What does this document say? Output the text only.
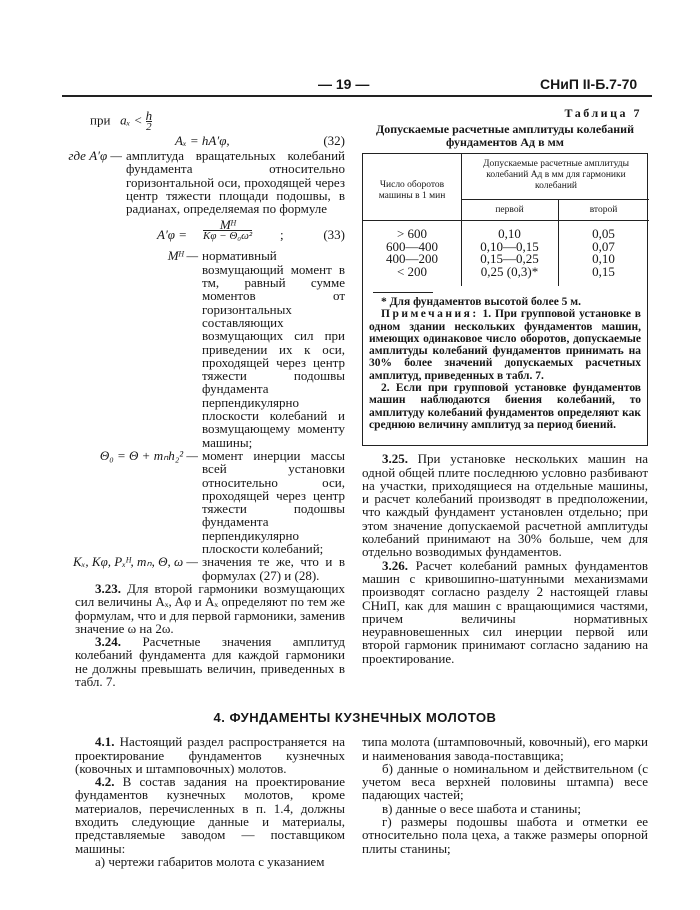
— 19 —	СНиП II-Б.7-70
при $a_x < \frac{h}{2}$
Aₓ = hA′φ,	(32)
где A′φ — амплитуда вращательных колебаний фундамента относительно горизонтальной оси, проходящей через центр тяжести площади подошвы, в радианах, определяемая по формуле
A′φ =
Mᴴ
Kφ − Θ₀ω² ;	(33)
Mᴴ — нормативный возмущающий момент в тм, равный сумме моментов от горизонтальных составляющих возмущающих сил при приведении их к оси, проходящей через центр тяжести подошвы фундамента перпендикулярно плоскости колебаний и возмущающему моменту машины;
Θ₀ = Θ + mₙh₂² — момент инерции массы всей установки относительно оси, проходящей через центр тяжести подошвы фундамента перпендикулярно плоскости колебаний;
Kₓ, Kφ, Pₓᴴ, mₙ, Θ, ω — значения те же, что и в формулах (27) и (28).
3.23. Для второй гармоники возмущающих сил величины Aₓ, Aφ и Aₓ определяют по тем же формулам, что и для первой гармоники, заменив значение ω на 2ω.
3.24. Расчетные значения амплитуд колебаний фундамента для каждой гармоники не должны превышать величин, приведенных в табл. 7.
Таблица 7
Допускаемые расчетные амплитуды колебаний фундаментов Aд в мм
Число оборотов машины в 1 мин
Допускаемые расчетные амплитуды колебаний Aд в мм для гармоники колебаний
первой	второй
> 600	0,10	0,05
600—400	0,10—0,15	0,07
400—200	0,15—0,25	0,10
< 200	0,25 (0,3)*	0,15
* Для фундаментов высотой более 5 м.
Примечания: 1. При групповой установке в одном здании нескольких фундаментов машин, имеющих одинаковое число оборотов, допускаемые амплитуды колебаний фундаментов принимать на 30% более значений допускаемых расчетных амплитуд, приведенных в табл. 7.
2. Если при групповой установке фундаментов машин наблюдаются биения колебаний, то амплитуду колебаний фундаментов определяют как среднюю величину амплитуд за период биений.
3.25. При установке нескольких машин на одной общей плите последнюю условно разбивают на участки, приходящиеся на отдельные машины, и расчет колебаний производят в предположении, что каждый фундамент установлен отдельно; при этом значение допускаемой расчетной амплитуды колебаний принимают на 30% больше, чем для отдельно возводимых фундаментов.
3.26. Расчет колебаний рамных фундаментов машин с кривошипно-шатунными механизмами производят согласно разделу 2 настоящей главы СНиП, как для машин с вращающимися частями, причем величины нормативных неуравновешенных сил инерции первой или второй гармоник принимают согласно заданию на проектирование.
4. ФУНДАМЕНТЫ КУЗНЕЧНЫХ МОЛОТОВ
4.1. Настоящий раздел распространяется на проектирование фундаментов кузнечных (ковочных и штамповочных) молотов.
4.2. В состав задания на проектирование фундаментов кузнечных молотов, кроме материалов, перечисленных в п. 1.4, должны входить следующие данные и материалы, представляемые заводом — поставщиком машины:
а) чертежи габаритов молота с указанием
типа молота (штамповочный, ковочный), его марки и наименования завода-поставщика;
б) данные о номинальном и действительном (с учетом веса верхней половины штампа) весе падающих частей;
в) данные о весе шабота и станины;
г) размеры подошвы шабота и отметки ее относительно пола цеха, а также размеры опорной плиты станины;
